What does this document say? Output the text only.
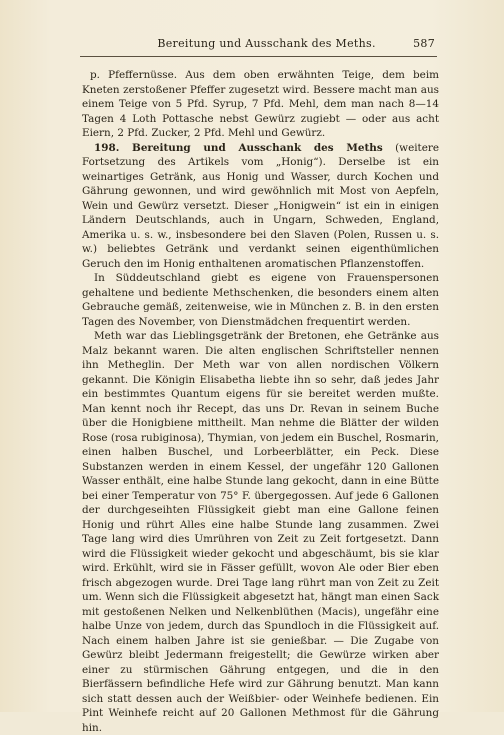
Bereitung und Ausschank des Meths.	587

p. Pfeffernüsse. Aus dem oben erwähnten Teige, dem beim Kneten zerstoßener Pfeffer zugesetzt wird. Bessere macht man aus einem Teige von 5 Pfd. Syrup, 7 Pfd. Mehl, dem man nach 8—14 Tagen 4 Loth Pottasche nebst Gewürz zugiebt — oder aus acht Eiern, 2 Pfd. Zucker, 2 Pfd. Mehl und Gewürz.

198. Bereitung und Ausschank des Meths (weitere Fortsetzung des Artikels vom „Honig“). Derselbe ist ein weinartiges Getränk, aus Honig und Wasser, durch Kochen und Gährung gewonnen, und wird gewöhnlich mit Most von Aepfeln, Wein und Gewürz versetzt. Dieser „Honigwein“ ist ein in einigen Ländern Deutschlands, auch in Ungarn, Schweden, England, Amerika u. s. w., insbesondere bei den Slaven (Polen, Russen u. s. w.) beliebtes Getränk und verdankt seinen eigenthümlichen Geruch den im Honig enthaltenen aromatischen Pflanzenstoffen.

In Süddeutschland giebt es eigene von Frauenspersonen gehaltene und bediente Methschenken, die besonders einem alten Gebrauche gemäß, zeitenweise, wie in München z. B. in den ersten Tagen des November, von Dienstmädchen frequentirt werden.

Meth war das Lieblingsgetränk der Bretonen, ehe Getränke aus Malz bekannt waren. Die alten englischen Schriftsteller nennen ihn Methеglin. Der Meth war von allen nordischen Völkern gekannt. Die Königin Elisabetha liebte ihn so sehr, daß jedes Jahr ein bestimmtes Quantum eigens für sie bereitet werden mußte. Man kennt noch ihr Recept, das uns Dr. Revan in seinem Buche über die Honigbiene mittheilt. Man nehme die Blätter der wilden Rose (rosa rubiginosa), Thymian, von jedem ein Buschel, Rosmarin, einen halben Buschel, und Lorbeerblätter, ein Peck. Diese Substanzen werden in einem Kessel, der ungefähr 120 Gallonen Wasser enthält, eine halbe Stunde lang gekocht, dann in eine Bütte bei einer Temperatur von 75° F. übergegossen. Auf jede 6 Gallonen der durchgeseihten Flüssigkeit giebt man eine Gallone feinen Honig und rührt Alles eine halbe Stunde lang zusammen. Zwei Tage lang wird dies Umrühren von Zeit zu Zeit fortgesetzt. Dann wird die Flüssigkeit wieder gekocht und abgeschäumt, bis sie klar wird. Erkühlt, wird sie in Fässer gefüllt, wovon Ale oder Bier eben frisch abgezogen wurde. Drei Tage lang rührt man von Zeit zu Zeit um. Wenn sich die Flüssigkeit abgesetzt hat, hängt man einen Sack mit gestoßenen Nelken und Nelkenblüthen (Macis), ungefähr eine halbe Unze von jedem, durch das Spundloch in die Flüssigkeit auf. Nach einem halben Jahre ist sie genießbar. — Die Zugabe von Gewürz bleibt Jedermann freigestellt; die Gewürze wirken aber einer zu stürmischen Gährung entgegen, und die in den Bierfässern befindliche Hefe wird zur Gährung benutzt. Man kann sich statt dessen auch der Weißbier- oder Weinhefe bedienen. Ein Pint Weinhefe reicht auf 20 Gallonen Methmost für die Gährung hin.
